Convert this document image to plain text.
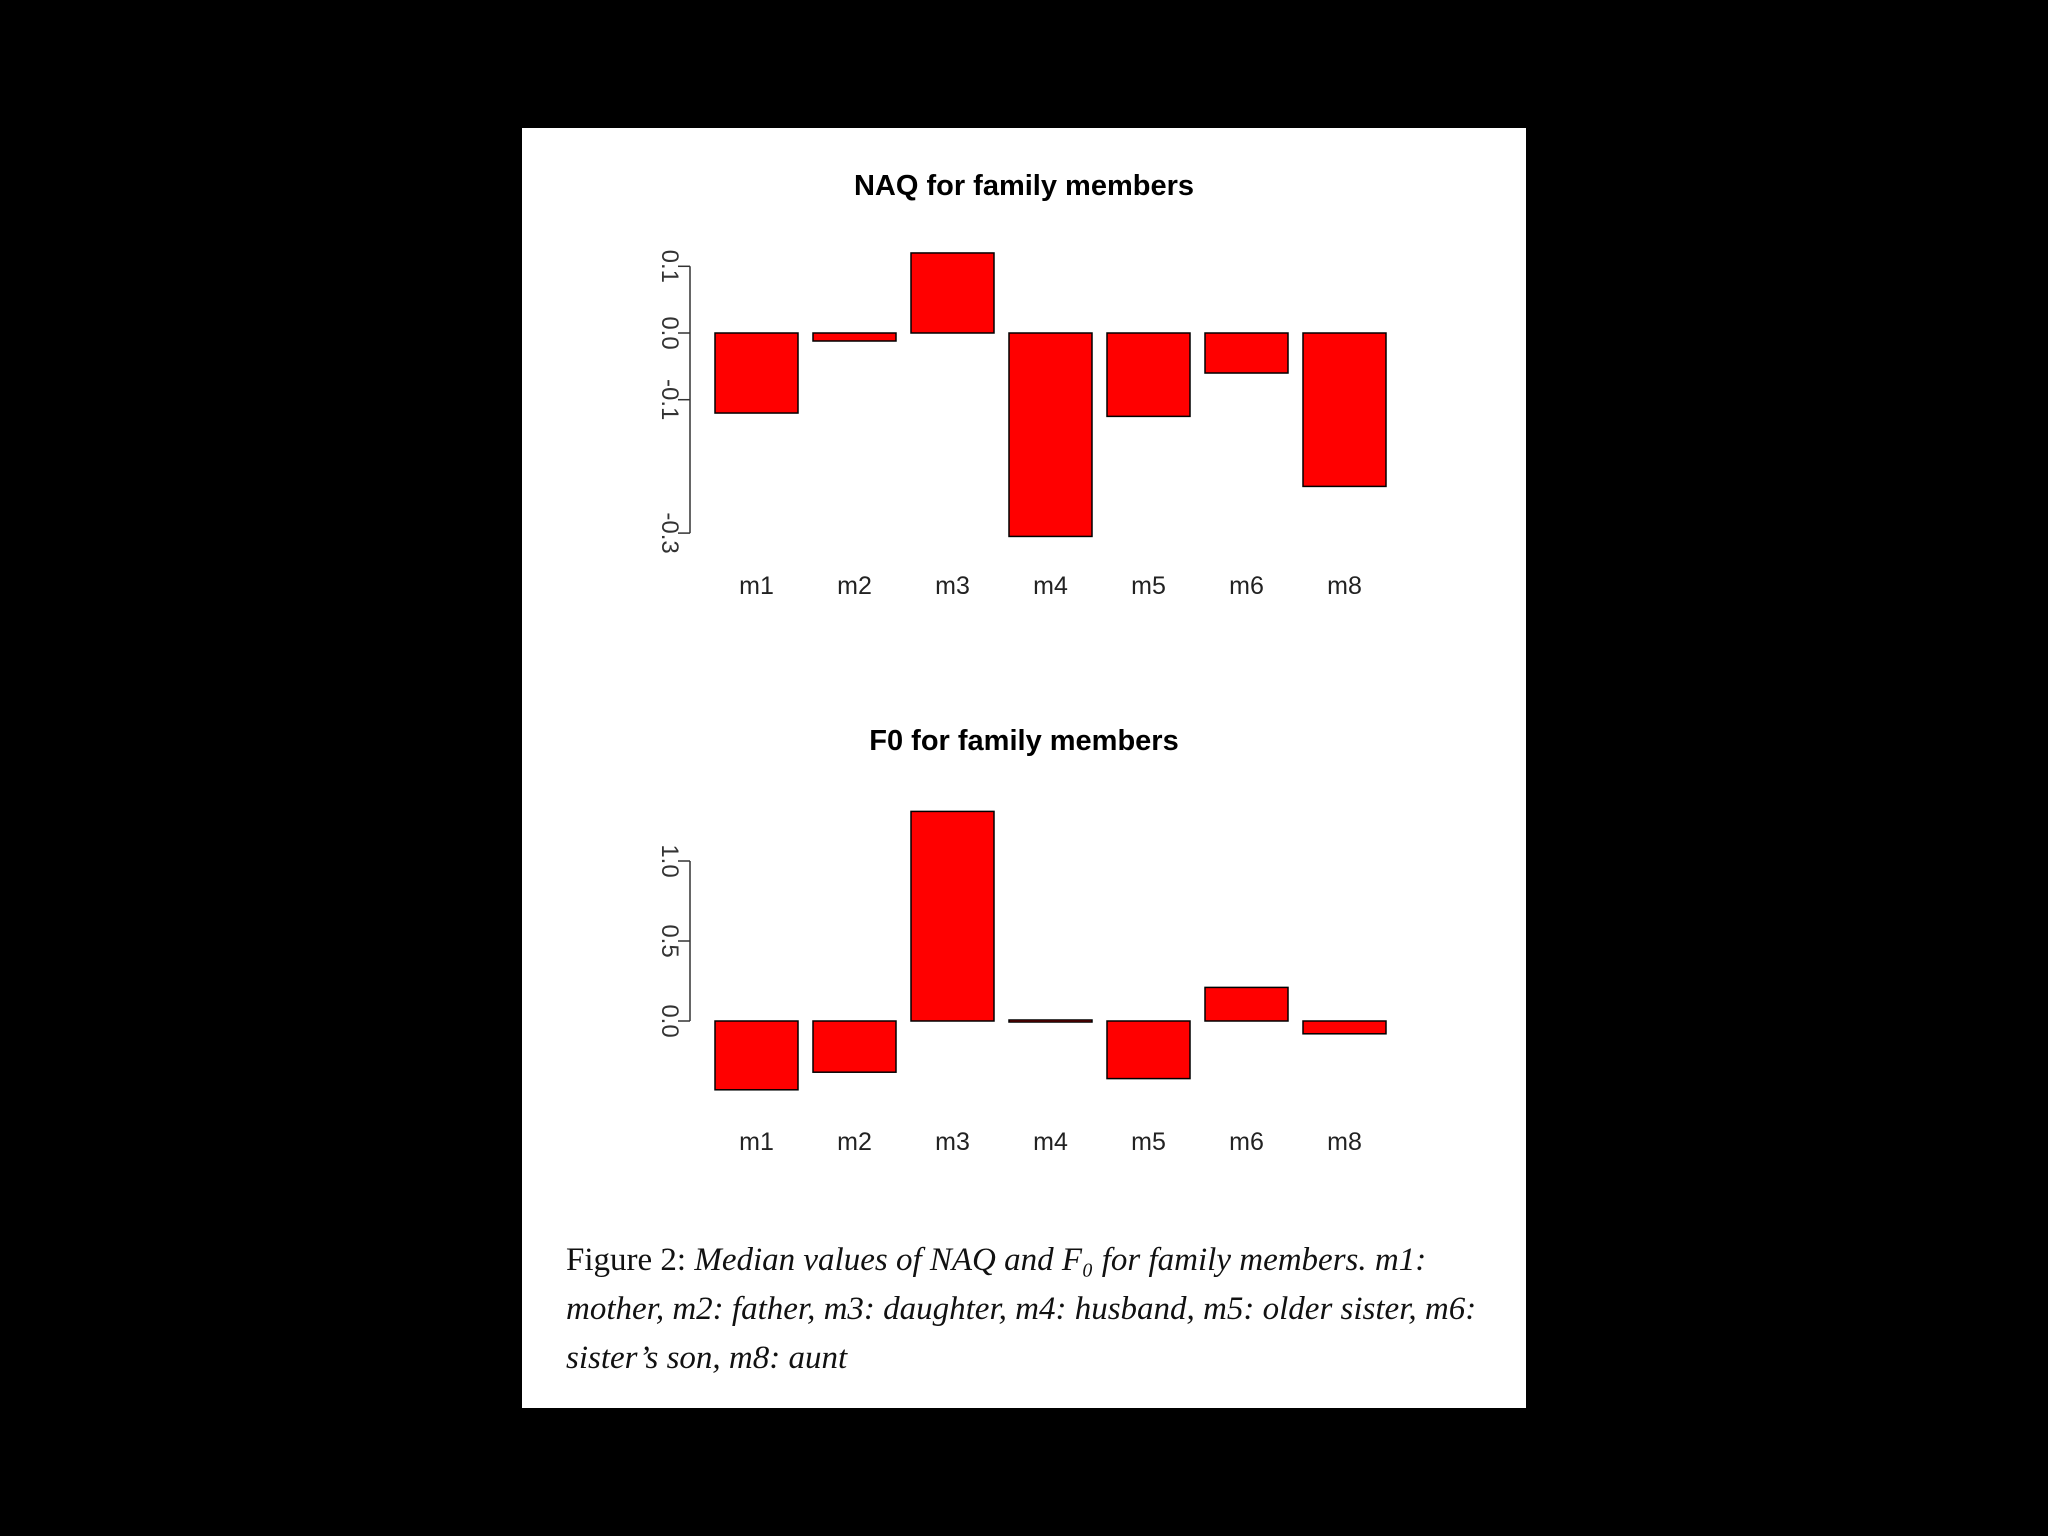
NAQ for family members
0.1
0.0
-0.1
-0.3
m1	m2	m3	m4	m5	m6	m8
F0 for family members
1.0
0.5
0.0
m1	m2	m3	m4	m5	m6	m8
Figure 2: Median values of NAQ and F₀ for family members. m1: mother, m2: father, m3: daughter, m4: husband, m5: older sister, m6: sister’s son, m8: aunt
